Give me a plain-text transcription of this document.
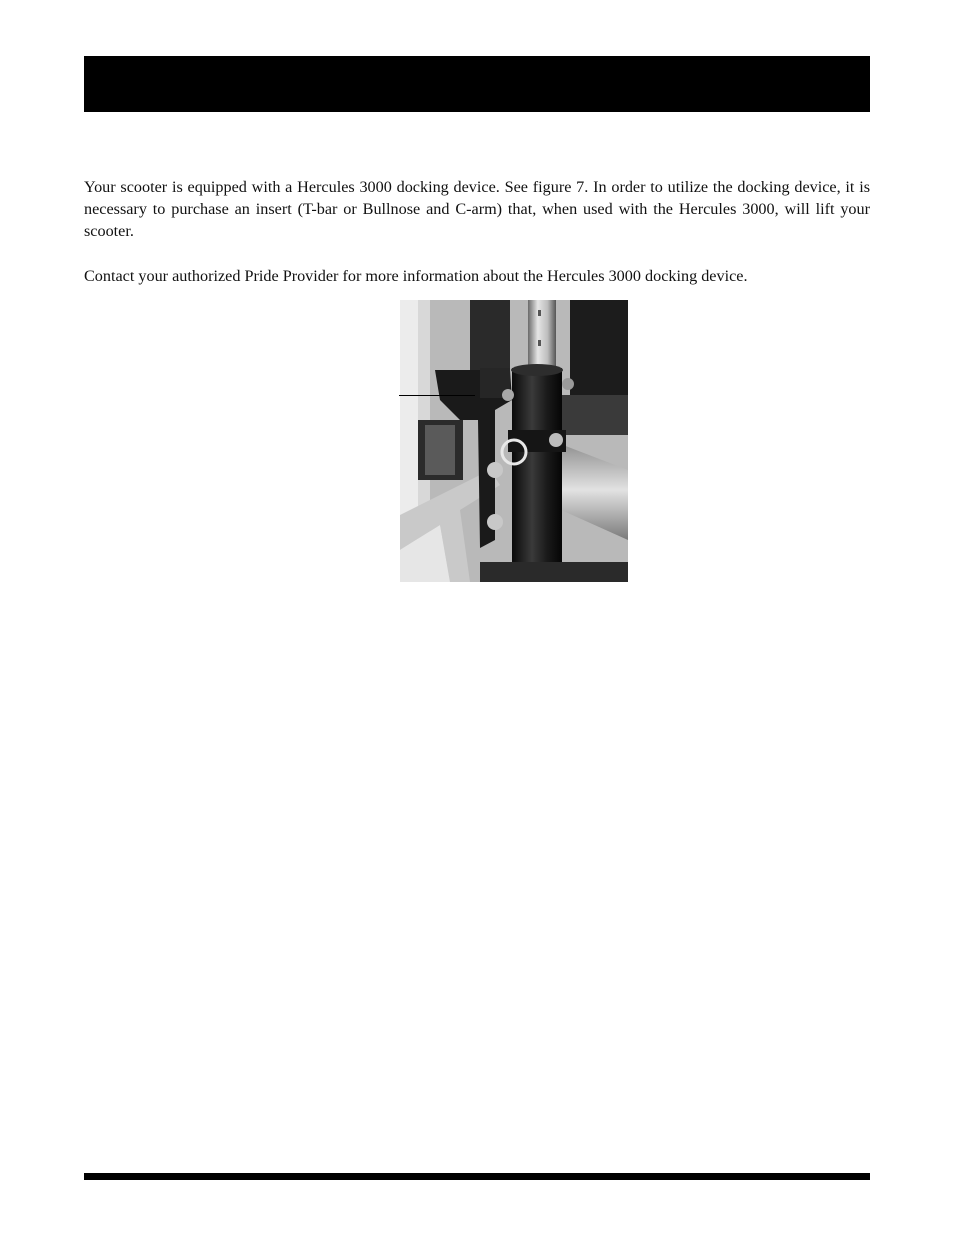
Your scooter is equipped with a Hercules 3000 docking device. See figure 7. In order to utilize the docking device, it is necessary to purchase an insert (T-bar or Bullnose and C-arm) that, when used with the Hercules 3000, will lift your scooter.

Contact your authorized Pride Provider for more information about the Hercules 3000 docking device.
